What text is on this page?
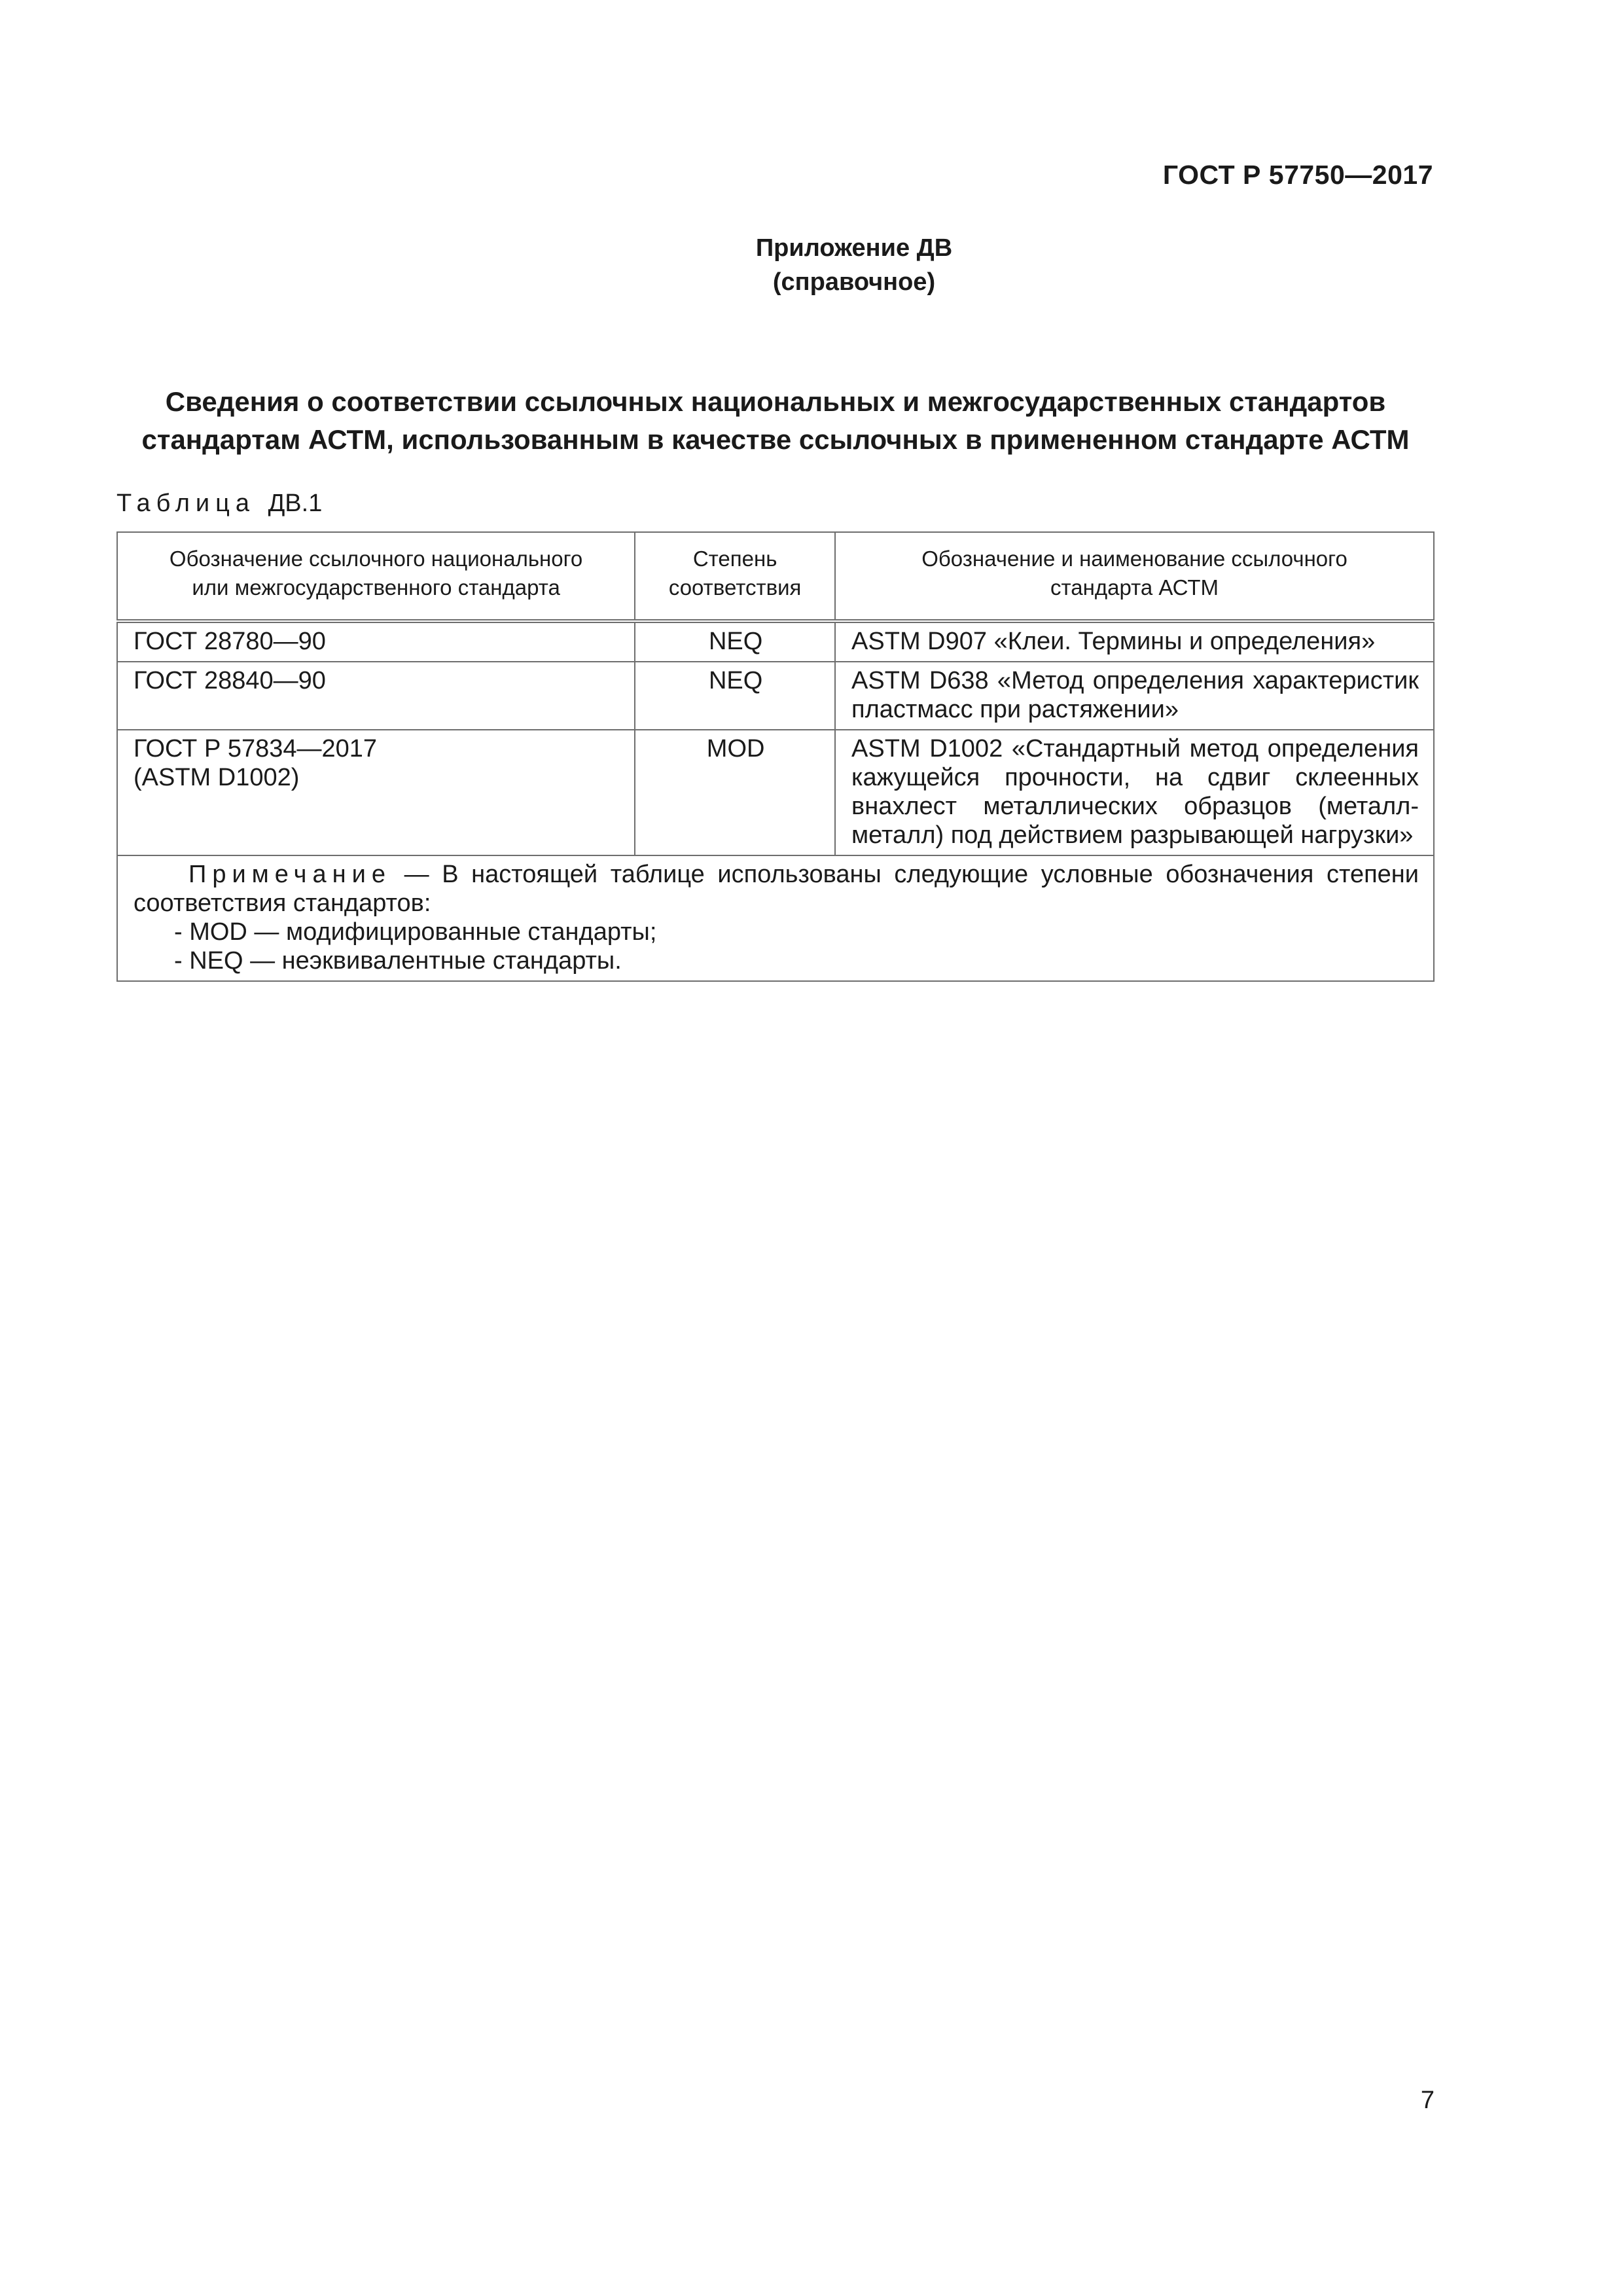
ГОСТ Р 57750—2017
Приложение ДВ
(справочное)
Сведения о соответствии ссылочных национальных и межгосударственных стандартов
стандартам АСТМ, использованным в качестве ссылочных в примененном стандарте АСТМ
Таблица ДВ.1
Обозначение ссылочного национального или межгосударственного стандарта	Степень соответствия	Обозначение и наименование ссылочного стандарта АСТМ

ГОСТ 28780—90	NEQ	ASTM D907 «Клеи. Термины и определения»

ГОСТ 28840—90	NEQ	ASTM D638 «Метод определения характеристик пластмасс при растяжении»

ГОСТ Р 57834—2017
(ASTM D1002)	MOD	ASTM D1002 «Стандартный метод определения кажущейся прочности, на сдвиг склеенных внахлест металлических образцов (металл-металл) под действием разрывающей нагрузки»

Примечание — В настоящей таблице использованы следующие условные обозначения степени соответствия стандартов:
- MOD — модифицированные стандарты;
- NEQ — неэквивалентные стандарты.		
7
